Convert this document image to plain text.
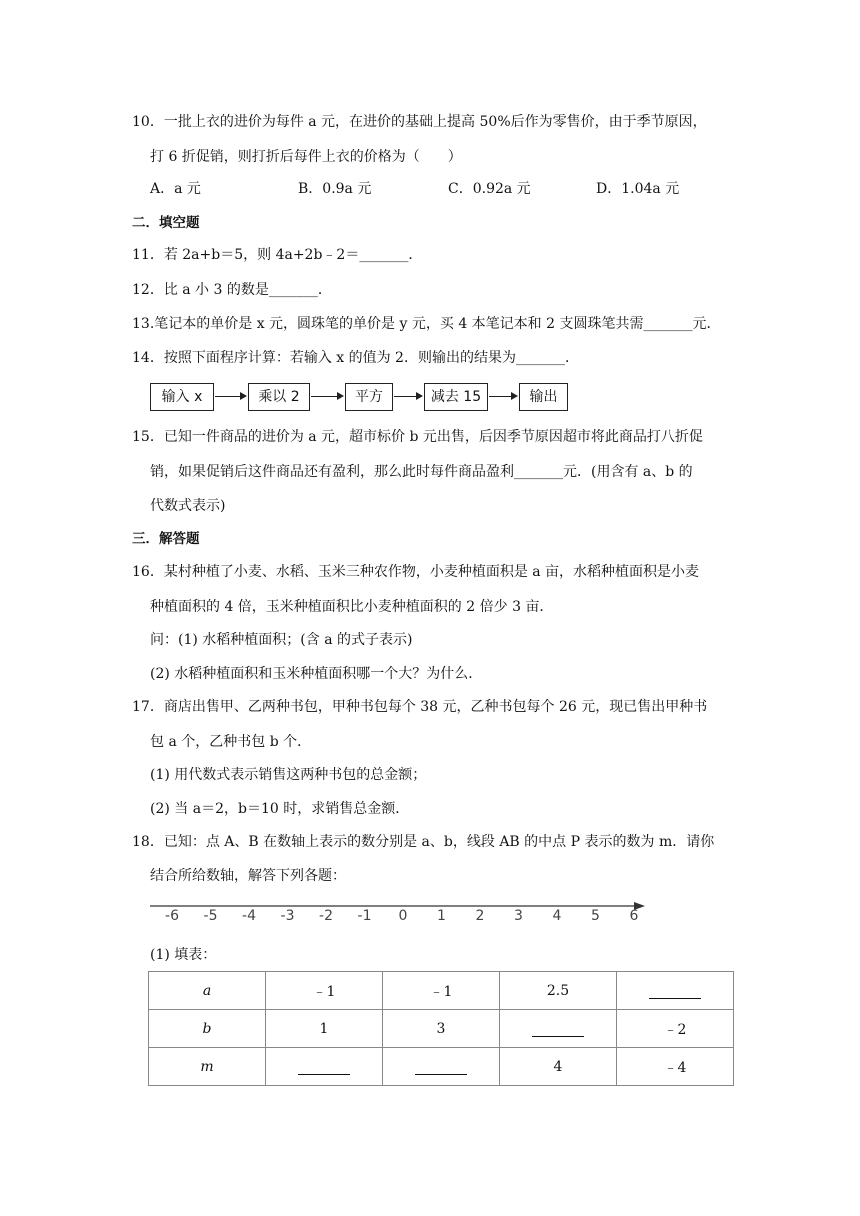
10．一批上衣的进价为每件 a 元，在进价的基础上提高 50%后作为零售价，由于季节原因，
打 6 折促销，则打折后每件上衣的价格为（　　）
A．a 元	B．0.9a 元	C．0.92a 元	D．1.04a 元
二．填空题
11．若 2a+b＝5，则 4a+2b﹣2＝_______．
12．比 a 小 3 的数是_______．
13.笔记本的单价是 x 元，圆珠笔的单价是 y 元，买 4 本笔记本和 2 支圆珠笔共需_______元．
14．按照下面程序计算：若输入 x 的值为 2．则输出的结果为_______．
输入 x	乘以 2	平方	减去 15	输出
15．已知一件商品的进价为 a 元，超市标价 b 元出售，后因季节原因超市将此商品打八折促
销，如果促销后这件商品还有盈利，那么此时每件商品盈利_______元．(用含有 a、b 的
代数式表示)
三．解答题
16．某村种植了小麦、水稻、玉米三种农作物，小麦种植面积是 a 亩，水稻种植面积是小麦
种植面积的 4 倍，玉米种植面积比小麦种植面积的 2 倍少 3 亩．
问：(1) 水稻种植面积；(含 a 的式子表示)
(2) 水稻种植面积和玉米种植面积哪一个大？为什么．
17．商店出售甲、乙两种书包，甲种书包每个 38 元，乙种书包每个 26 元，现已售出甲种书
包 a 个，乙种书包 b 个．
(1) 用代数式表示销售这两种书包的总金额；
(2) 当 a＝2，b＝10 时，求销售总金额．
18．已知：点 A、B 在数轴上表示的数分别是 a、b，线段 AB 的中点 P 表示的数为 m．请你
结合所给数轴，解答下列各题：
-6 -5 -4 -3 -2 -1 0 1 2 3 4 5 6
(1) 填表：
a	﹣1	﹣1	2.5	
b	1	3		﹣2
m			4	﹣4
